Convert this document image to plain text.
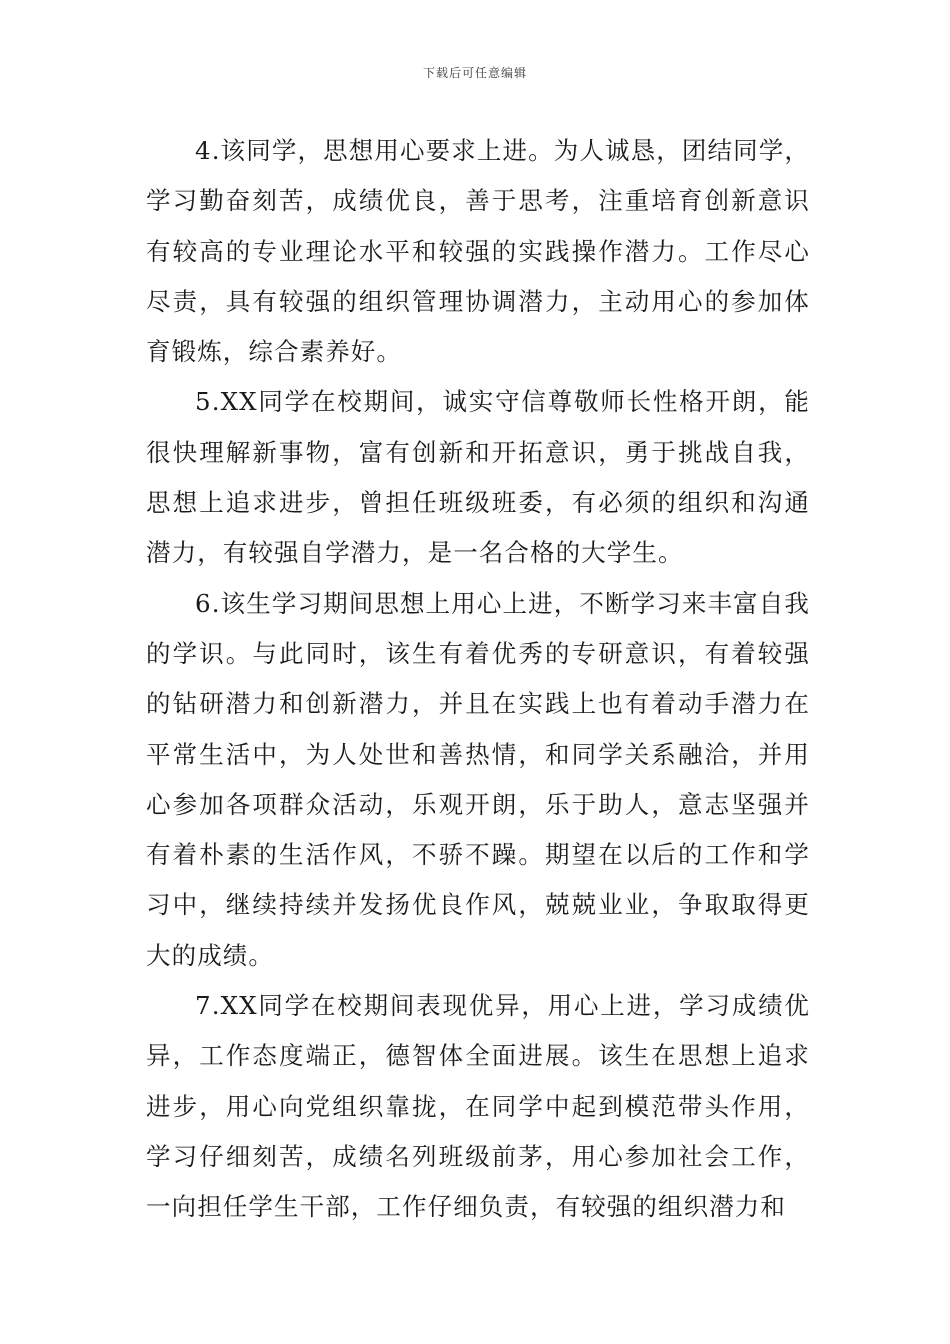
下载后可任意编辑

4.该同学，思想用心要求上进。为人诚恳，团结同学，学习勤奋刻苦，成绩优良，善于思考，注重培育创新意识有较高的专业理论水平和较强的实践操作潜力。工作尽心尽责，具有较强的组织管理协调潜力，主动用心的参加体育锻炼，综合素养好。

5.XX同学在校期间，诚实守信尊敬师长性格开朗，能很快理解新事物，富有创新和开拓意识，勇于挑战自我，思想上追求进步，曾担任班级班委，有必须的组织和沟通潜力，有较强自学潜力，是一名合格的大学生。

6.该生学习期间思想上用心上进，不断学习来丰富自我的学识。与此同时，该生有着优秀的专研意识，有着较强的钻研潜力和创新潜力，并且在实践上也有着动手潜力在平常生活中，为人处世和善热情，和同学关系融洽，并用心参加各项群众活动，乐观开朗，乐于助人，意志坚强并有着朴素的生活作风，不骄不躁。期望在以后的工作和学习中，继续持续并发扬优良作风，兢兢业业，争取取得更大的成绩。

7.XX同学在校期间表现优异，用心上进，学习成绩优异，工作态度端正，德智体全面进展。该生在思想上追求进步，用心向党组织靠拢，在同学中起到模范带头作用，学习仔细刻苦，成绩名列班级前茅，用心参加社会工作，一向担任学生干部，工作仔细负责，有较强的组织潜力和
